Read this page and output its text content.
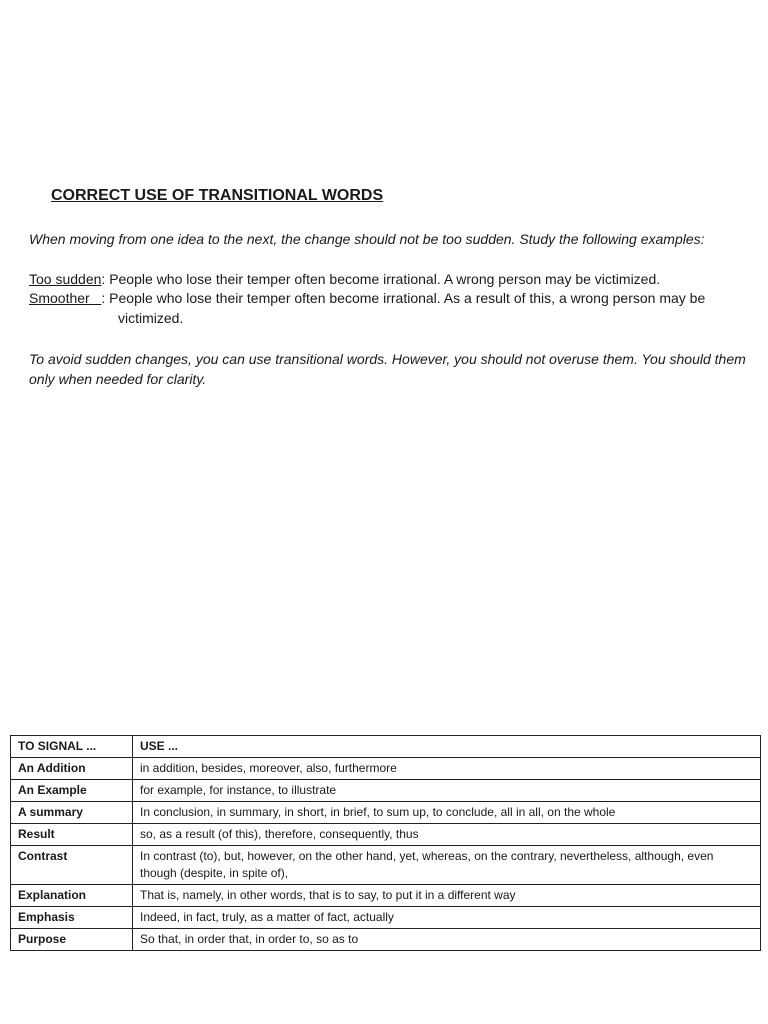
CORRECT USE OF TRANSITIONAL WORDS

When moving from one idea to the next, the change should not be too sudden. Study the following examples:

Too sudden: People who lose their temper often become irrational. A wrong person may be victimized.

Smoother   : People who lose their temper often become irrational. As a result of this, a wrong person may be

victimized.

To avoid sudden changes, you can use transitional words. However, you should not overuse them. You should them only when needed for clarity.

TO SIGNAL ...	USE ...
An Addition	in addition, besides, moreover, also, furthermore
An Example	for example, for instance, to illustrate
A summary	In conclusion, in summary, in short, in brief, to sum up, to conclude, all in all, on the whole
Result	so, as a result (of this), therefore, consequently, thus
Contrast	In contrast (to), but, however, on the other hand, yet, whereas, on the contrary, nevertheless, although, even though (despite, in spite of),
Explanation	That is, namely, in other words, that is to say, to put it in a different way
Emphasis	Indeed, in fact, truly, as a matter of fact, actually
Purpose	So that, in order that, in order to, so as to
